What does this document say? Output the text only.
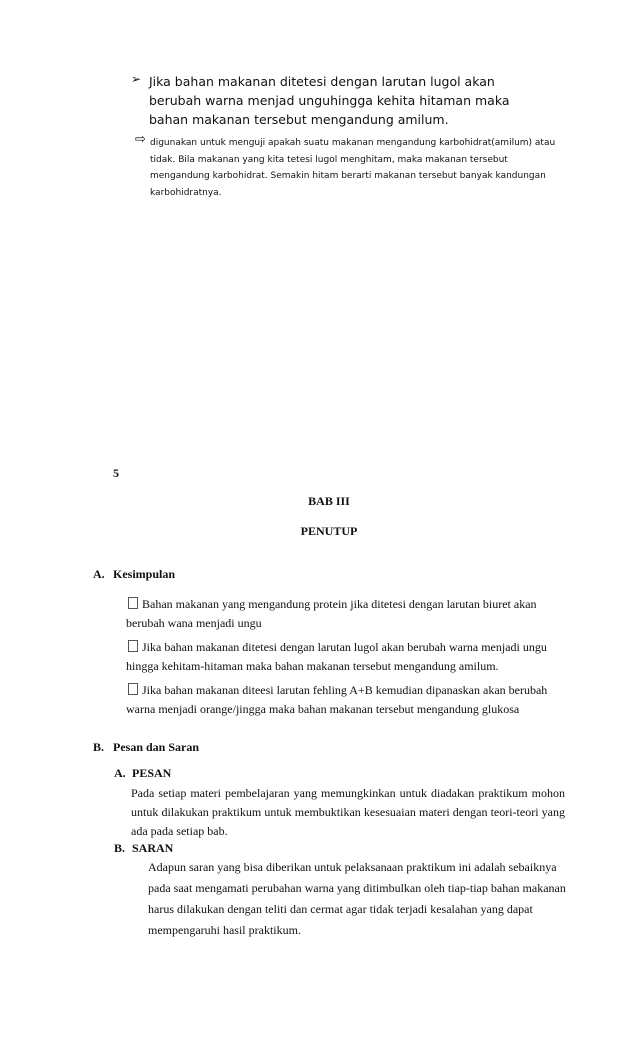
➢ Jika bahan makanan ditetesi dengan larutan lugol akan berubah warna menjad unguhingga kehita hitaman maka bahan makanan tersebut mengandung amilum.
⇨ digunakan untuk menguji apakah suatu makanan mengandung karbohidrat(amilum) atau tidak. Bila makanan yang kita tetesi lugol menghitam, maka makanan tersebut mengandung karbohidrat. Semakin hitam berarti makanan tersebut banyak kandungan karbohidratnya.
5
BAB III
PENUTUP
A. Kesimpulan
Bahan makanan yang mengandung protein jika ditetesi dengan larutan biuret akan berubah wana menjadi ungu
Jika bahan makanan ditetesi dengan larutan lugol akan berubah warna menjadi ungu hingga kehitam-hitaman maka bahan makanan tersebut mengandung amilum.
Jika bahan makanan diteesi larutan fehling A+B kemudian dipanaskan akan berubah warna menjadi orange/jingga maka bahan makanan tersebut mengandung glukosa
B. Pesan dan Saran
A. PESAN
Pada setiap materi pembelajaran yang memungkinkan untuk diadakan praktikum mohon untuk dilakukan praktikum untuk membuktikan kesesuaian materi dengan teori-teori yang ada pada setiap bab.
B. SARAN
Adapun saran yang bisa diberikan untuk pelaksanaan praktikum ini adalah sebaiknya pada saat mengamati perubahan warna yang ditimbulkan oleh tiap-tiap bahan makanan harus dilakukan dengan teliti dan cermat agar tidak terjadi kesalahan yang dapat mempengaruhi hasil praktikum.
